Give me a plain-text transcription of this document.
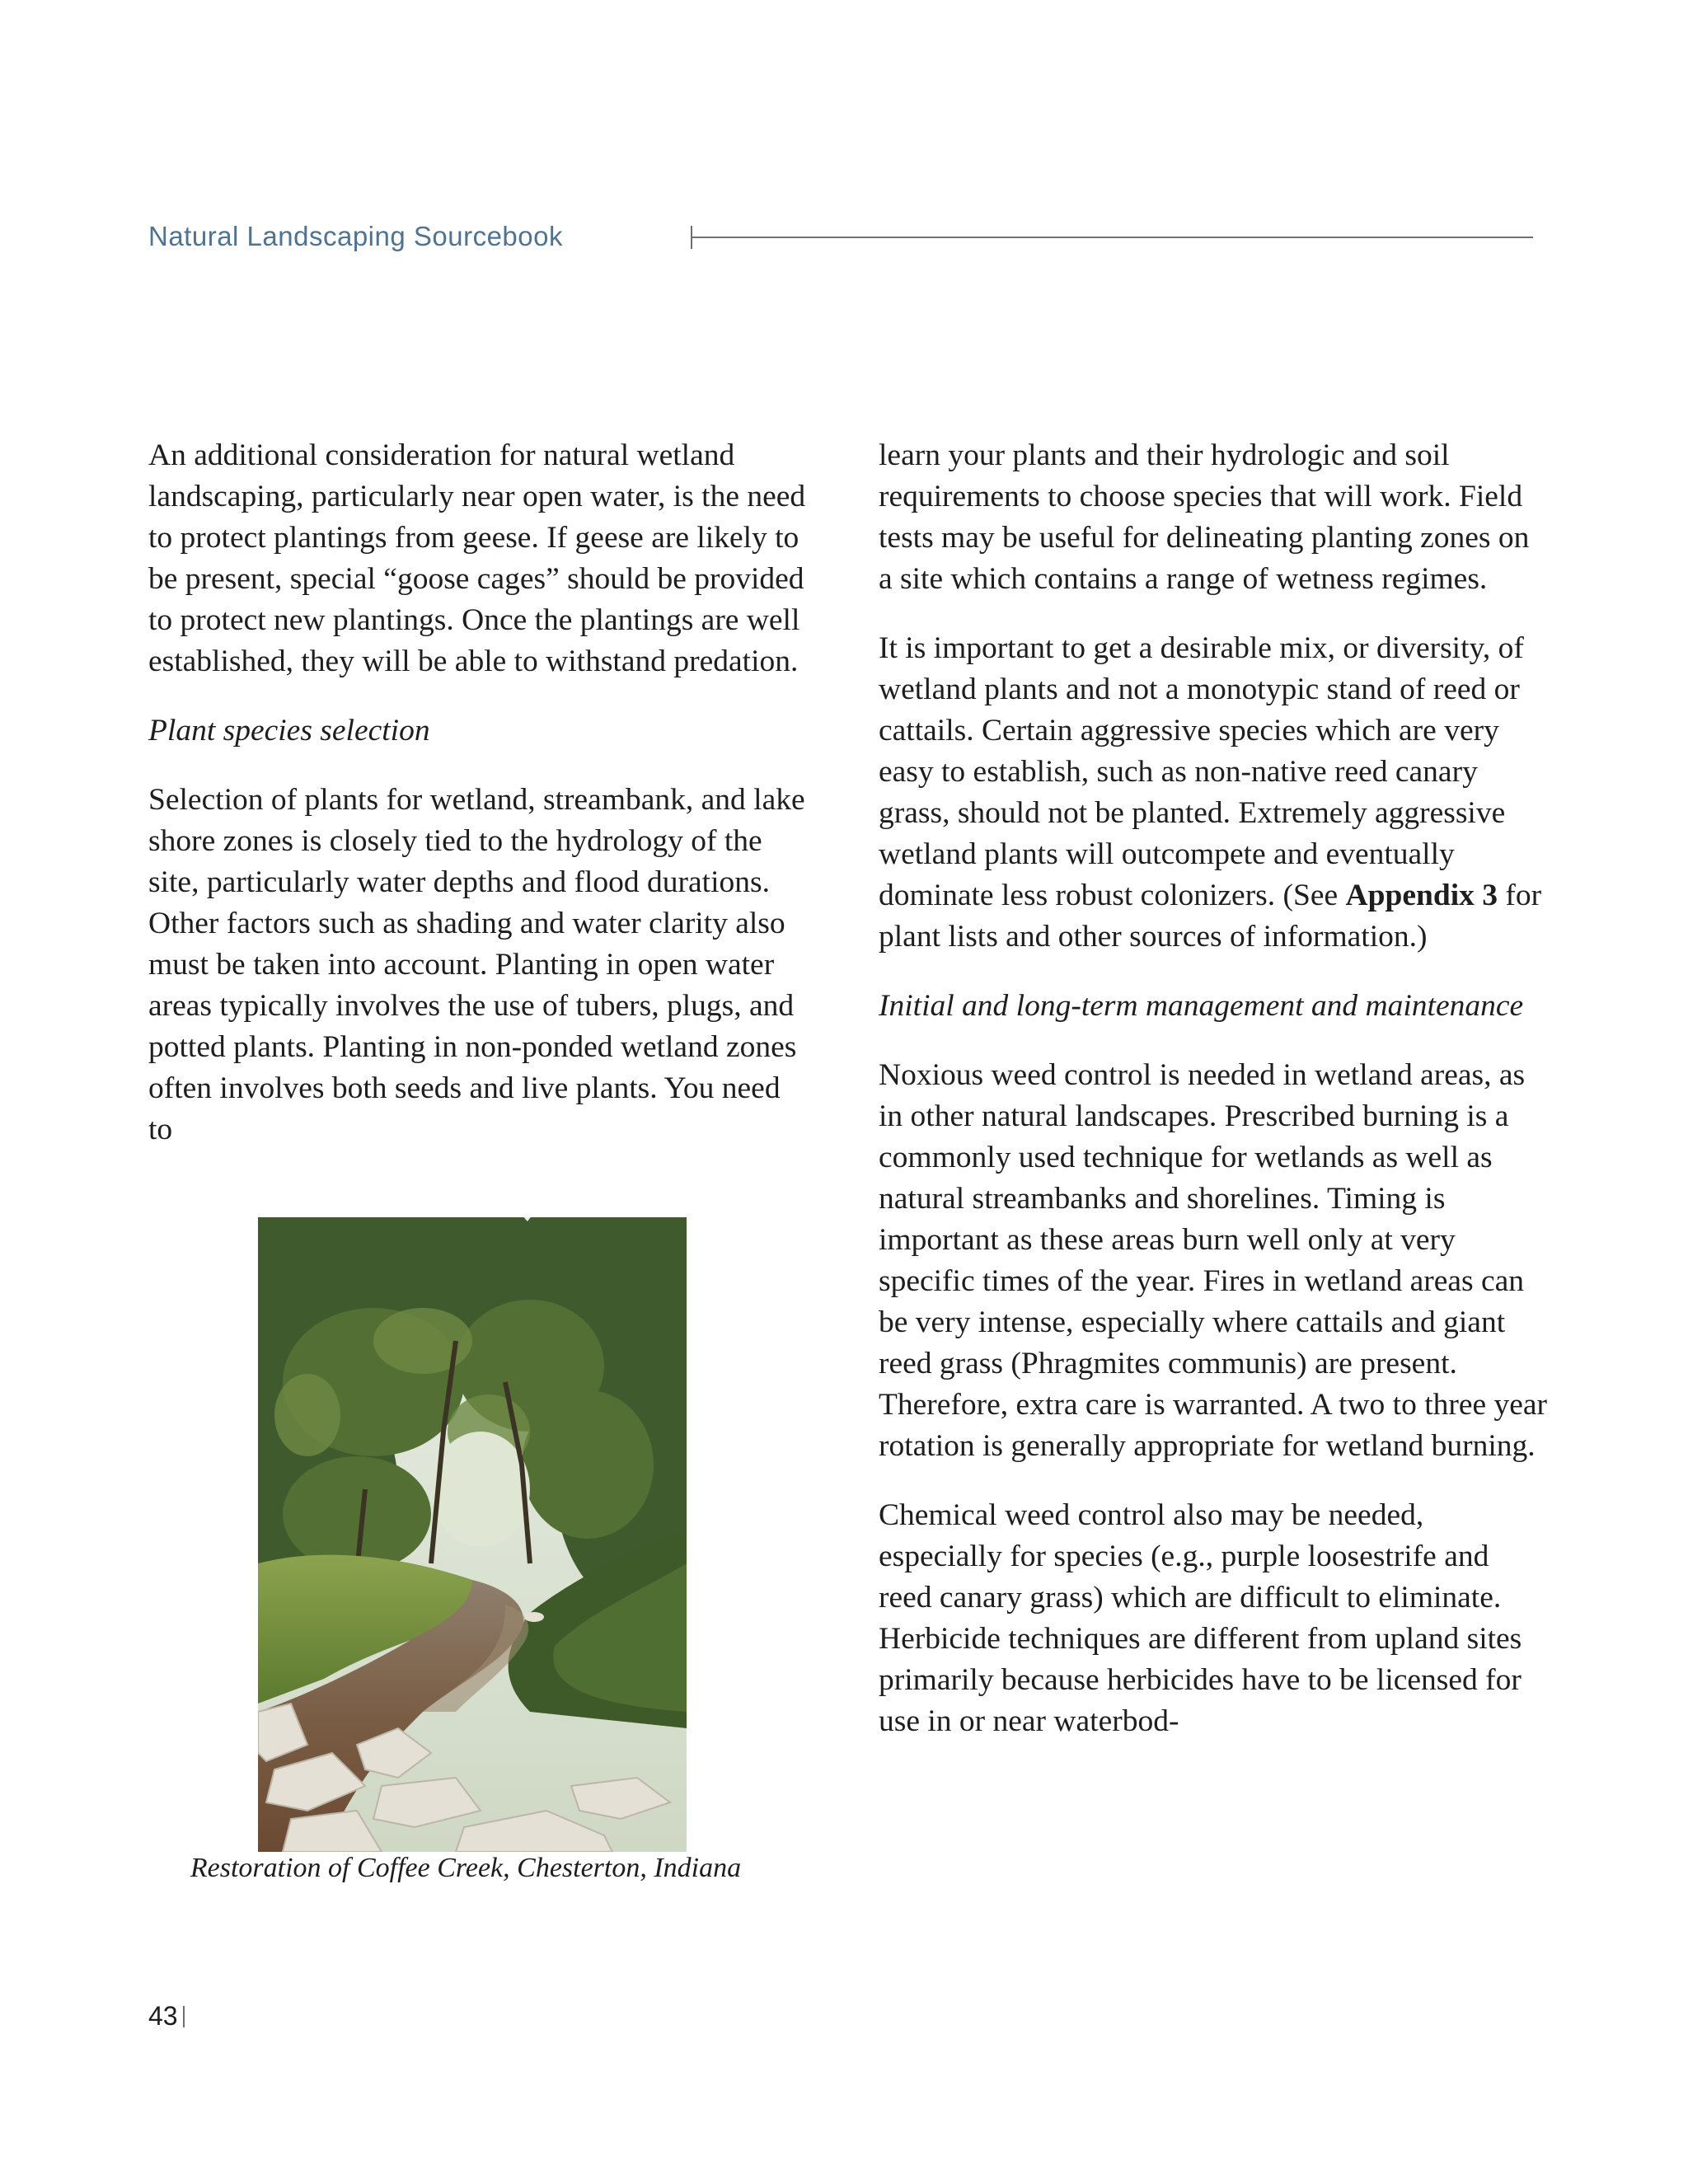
Natural Landscaping Sourcebook

An additional consideration for natural wetland landscaping, particularly near open water, is the need to protect plantings from geese. If geese are likely to be present, special “goose cages” should be provided to protect new plantings. Once the plantings are well established, they will be able to withstand predation.

Plant species selection

Selection of plants for wetland, streambank, and lake shore zones is closely tied to the hydrology of the site, particularly water depths and flood durations. Other factors such as shading and water clarity also must be taken into account. Planting in open water areas typically involves the use of tubers, plugs, and potted plants. Planting in non-ponded wetland zones often involves both seeds and live plants. You need to

Restoration of Coffee Creek, Chesterton, Indiana

learn your plants and their hydrologic and soil requirements to choose species that will work. Field tests may be useful for delineating planting zones on a site which contains a range of wetness regimes.

It is important to get a desirable mix, or diversity, of wetland plants and not a monotypic stand of reed or cattails. Certain aggressive species which are very easy to establish, such as non-native reed canary grass, should not be planted. Extremely aggressive wetland plants will outcompete and eventually dominate less robust colonizers. (See Appendix 3 for plant lists and other sources of information.)

Initial and long-term management and maintenance

Noxious weed control is needed in wetland areas, as in other natural landscapes. Prescribed burning is a commonly used technique for wetlands as well as natural streambanks and shorelines. Timing is important as these areas burn well only at very specific times of the year. Fires in wetland areas can be very intense, especially where cattails and giant reed grass (Phragmites communis) are present. Therefore, extra care is warranted. A two to three year rotation is generally appropriate for wetland burning.

Chemical weed control also may be needed, especially for species (e.g., purple loosestrife and reed canary grass) which are difficult to eliminate. Herbicide techniques are different from upland sites primarily because herbicides have to be licensed for use in or near waterbod-

43
